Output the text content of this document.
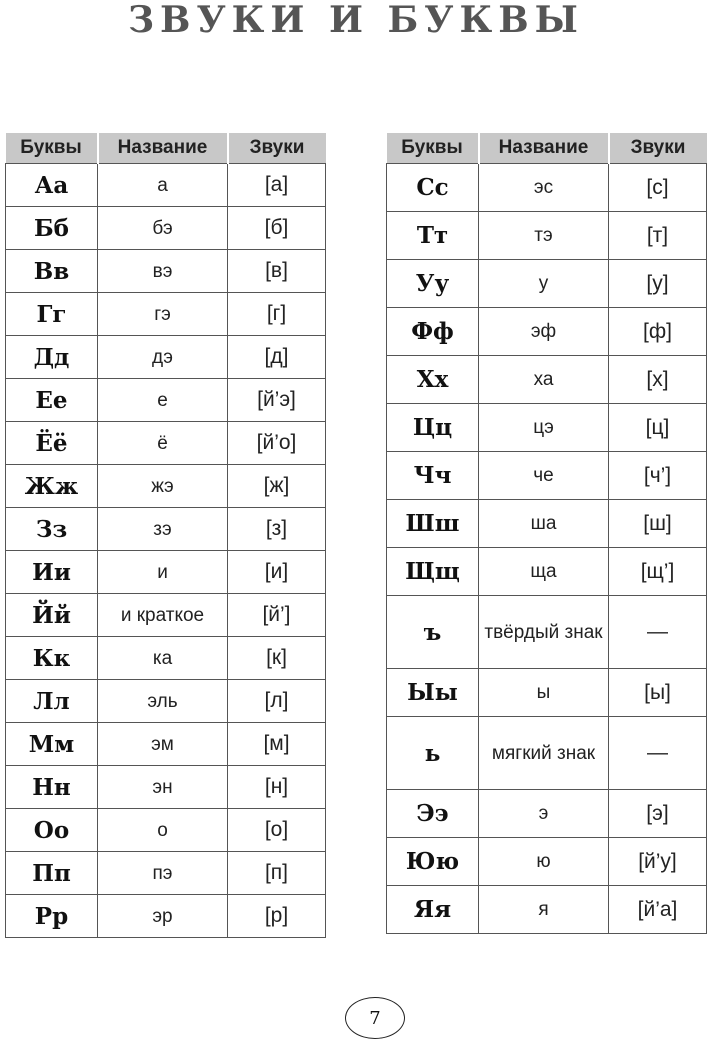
ЗВУКИ И БУКВЫ
Буквы	Название	Звуки
Аа	а	[а]
Бб	бэ	[б]
Вв	вэ	[в]
Гг	гэ	[г]
Дд	дэ	[д]
Ее	е	[й’э]
Ёё	ё	[й’о]
Жж	жэ	[ж]
Зз	зэ	[з]
Ии	и	[и]
Йй	и краткое	[й’]
Кк	ка	[к]
Лл	эль	[л]
Мм	эм	[м]
Нн	эн	[н]
Оо	о	[о]
Пп	пэ	[п]
Рр	эр	[р]
Буквы	Название	Звуки
Сс	эс	[с]
Тт	тэ	[т]
Уу	у	[у]
Фф	эф	[ф]
Хх	ха	[х]
Цц	цэ	[ц]
Чч	че	[ч’]
Шш	ша	[ш]
Щщ	ща	[щ’]
ъ	твёрдый знак	—
Ыы	ы	[ы]
ь	мягкий знак	—
Ээ	э	[э]
Юю	ю	[й’у]
Яя	я	[й’а]
7
